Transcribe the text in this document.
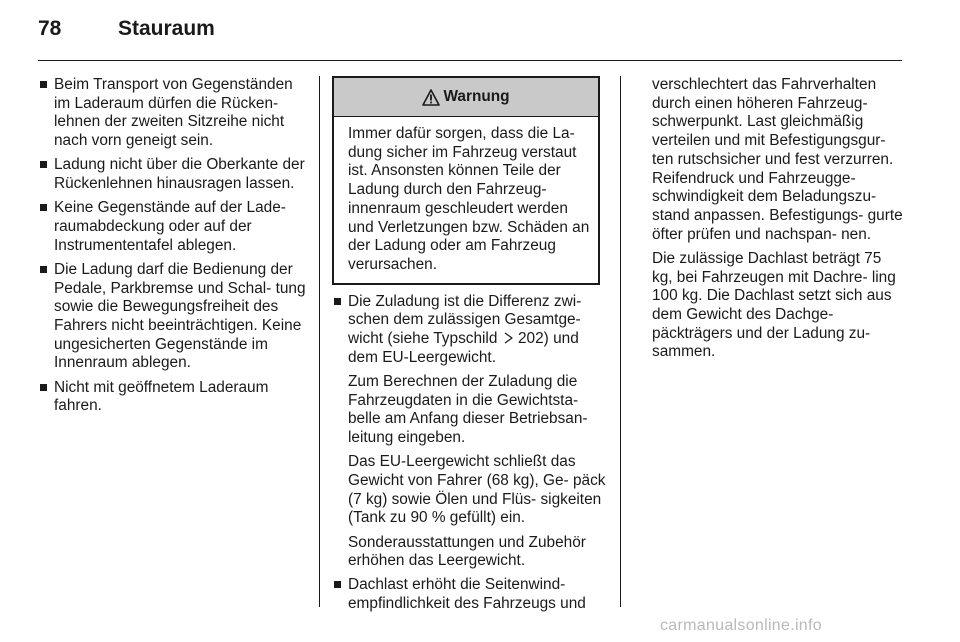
78	Stauraum
Beim Transport von Gegenständen im Laderaum dürfen die Rücken- lehnen der zweiten Sitzreihe nicht nach vorn geneigt sein.
Ladung nicht über die Oberkante der Rückenlehnen hinausragen lassen.
Keine Gegenstände auf der Lade- raumabdeckung oder auf der Instrumententafel ablegen.
Die Ladung darf die Bedienung der Pedale, Parkbremse und Schal- tung sowie die Bewegungsfreiheit des Fahrers nicht beeinträchtigen. Keine ungesicherten Gegenstände im Innenraum ablegen.
Nicht mit geöffnetem Laderaum fahren.
Warnung
Immer dafür sorgen, dass die La- dung sicher im Fahrzeug verstaut ist. Ansonsten können Teile der Ladung durch den Fahrzeug- innenraum geschleudert werden und Verletzungen bzw. Schäden an der Ladung oder am Fahrzeug verursachen.
Die Zuladung ist die Differenz zwi- schen dem zulässigen Gesamtge- wicht (siehe Typschild  202) und dem EU-Leergewicht.
Zum Berechnen der Zuladung die Fahrzeugdaten in die Gewichtsta- belle am Anfang dieser Betriebsan- leitung eingeben.
Das EU-Leergewicht schließt das Gewicht von Fahrer (68 kg), Ge- päck (7 kg) sowie Ölen und Flüs- sigkeiten (Tank zu 90 % gefüllt) ein.
Sonderausstattungen und Zubehör erhöhen das Leergewicht.
Dachlast erhöht die Seitenwind- empfindlichkeit des Fahrzeugs und
verschlechtert das Fahrverhalten durch einen höheren Fahrzeug- schwerpunkt. Last gleichmäßig verteilen und mit Befestigungsgur- ten rutschsicher und fest verzurren. Reifendruck und Fahrzeugge- schwindigkeit dem Beladungszu- stand anpassen. Befestigungs- gurte öfter prüfen und nachspan- nen.
Die zulässige Dachlast beträgt 75 kg, bei Fahrzeugen mit Dachre- ling 100 kg. Die Dachlast setzt sich aus dem Gewicht des Dachge- päckträgers und der Ladung zu- sammen.
carmanualsonline.info
